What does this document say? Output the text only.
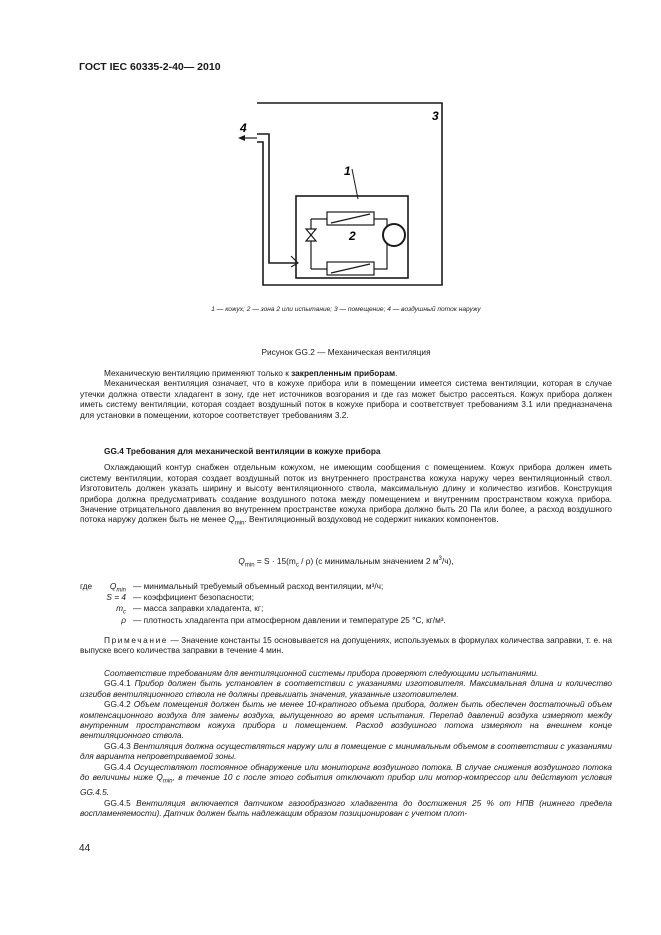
ГОСТ IEC 60335-2-40— 2010
3
4
1
2
1 — кожух; 2 — зона 2 или испытание; 3 — помещение; 4 — воздушный поток наружу
Рисунок GG.2 — Механическая вентиляция

Механическую вентиляцию применяют только к закрепленным приборам.

Механическая вентиляция означает, что в кожухе прибора или в помещении имеется система вентиляции, которая в случае утечки должна отвести хладагент в зону, где нет источников возгорания и где газ может быстро рассеяться. Кожух прибора должен иметь систему вентиляции, которая создает воздушный поток в кожухе прибора и соответствует требованиям 3.1 или предназначена для установки в помещении, которое соответствует требованиям 3.2.

GG.4 Требования для механической вентиляции в кожухе прибора

Охлаждающий контур снабжен отдельным кожухом, не имеющим сообщения с помещением. Кожух прибора должен иметь систему вентиляции, которая создает воздушный поток из внутреннего пространства кожуха наружу через вентиляционный ствол. Изготовитель должен указать ширину и высоту вентиляционного ствола, максимальную длину и количество изгибов. Конструкция прибора должна предусматривать создание воздушного потока между помещением и внутренним пространством кожуха прибора. Значение отрицательного давления во внутреннем пространстве кожуха прибора должно быть 20 Па или более, а расход воздушного потока наружу должен быть не менее $Q_{min}$. Вентиляционный воздуховод не содержит никаких компонентов.

$Q_{min} = S \cdot 15(m_c / \rho)$ (с минимальным значением 2 $м^3/ч$),
где	$Q_{min}$ — минимальный требуемый объемный расход вентиляции, м³/ч;
S = 4 — коэффициент безопасности;
$m_c$ — масса заправки хладагента, кг;
ρ — плотность хладагента при атмосферном давлении и температуре 25 °С, кг/м³.

Примечание — Значение константы 15 основывается на допущениях, используемых в формулах количества заправки, т. е. на выпуске всего количества заправки в течение 4 мин.

Соответствие требованиям для вентиляционной системы прибора проверяют следующими испытаниями.

GG.4.1 Прибор должен быть установлен в соответствии с указаниями изготовителя. Максимальная длина и количество изгибов вентиляционного ствола не должны превышать значения, указанные изготовителем.

GG.4.2 Объем помещения должен быть не менее 10-кратного объема прибора, должен быть обеспечен достаточный объем компенсационного воздуха для замены воздуха, выпущенного во время испытания. Перепад давлений воздуха измеряют между внутренним пространством кожуха прибора и помещением. Расход воздушного потока измеряют на внешнем конце вентиляционного ствола.

GG.4.3 Вентиляция должна осуществляться наружу или в помещение с минимальным объемом в соответствии с указаниями для варианта непроветриваемой зоны.

GG.4.4 Осуществляют постоянное обнаружение или мониторинг воздушного потока. В случае снижения воздушного потока до величины ниже $Q_{min}$, в течение 10 с после этого события отключают прибор или мотор-компрессор или действуют условия GG.4.5.

GG.4.5 Вентиляция включается датчиком газообразного хладагента до достижения 25 % от НПВ (нижнего предела воспламеняемости). Датчик должен быть надлежащим образом позиционирован с учетом плот-

44
